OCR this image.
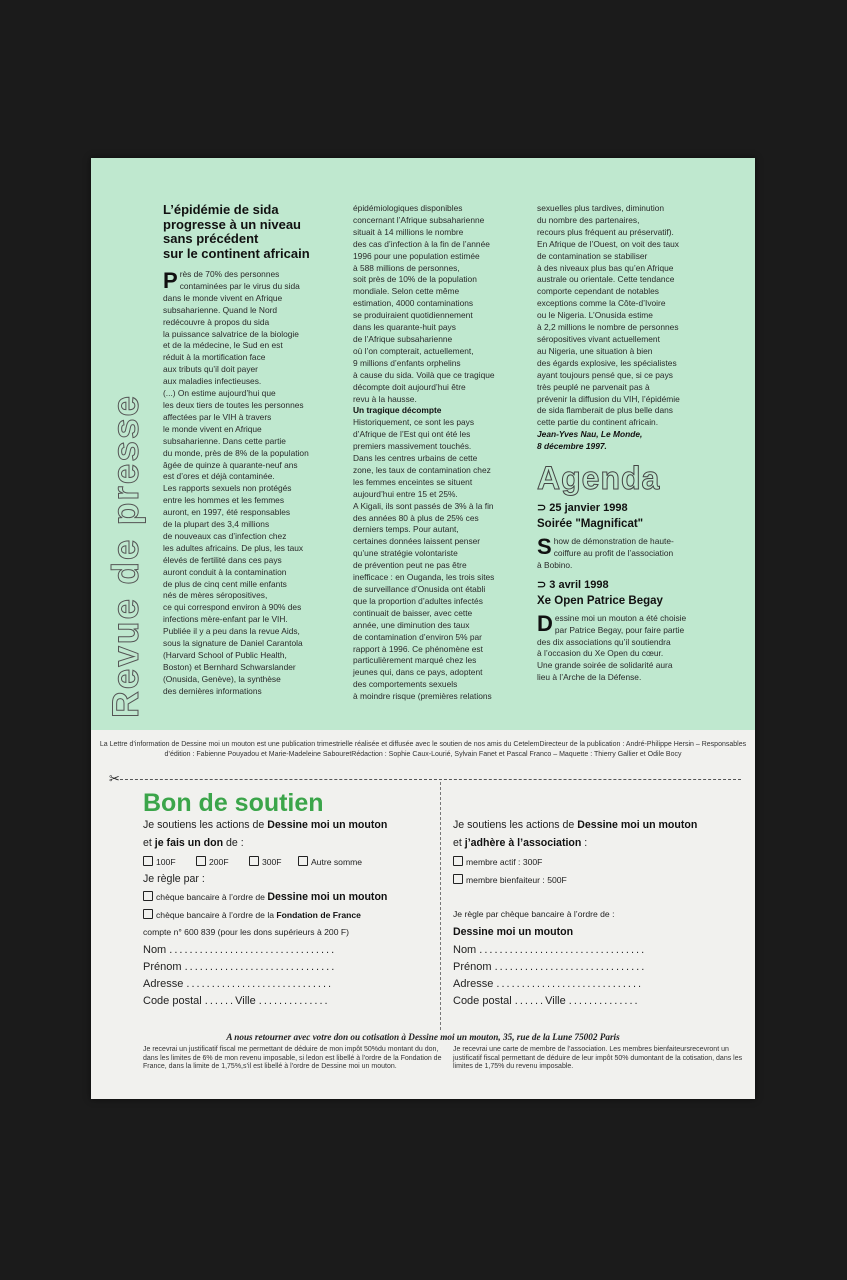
Revue de presse
L’épidémie de sida
progresse à un niveau
sans précédent
sur le continent africain
P rès de 70% des personnes
contaminées par le virus du sida
dans le monde vivent en Afrique
subsaharienne. Quand le Nord
redécouvre à propos du sida
la puissance salvatrice de la biologie
et de la médecine, le Sud en est
réduit à la mortification face
aux tributs qu’il doit payer
aux maladies infectieuses.
(...) On estime aujourd’hui que
les deux tiers de toutes les personnes
affectées par le VIH à travers
le monde vivent en Afrique
subsaharienne. Dans cette partie
du monde, près de 8% de la population
âgée de quinze à quarante-neuf ans
est d’ores et déjà contaminée.
Les rapports sexuels non protégés
entre les hommes et les femmes
auront, en 1997, été responsables
de la plupart des 3,4 millions
de nouveaux cas d’infection chez
les adultes africains. De plus, les taux
élevés de fertilité dans ces pays
auront conduit à la contamination
de plus de cinq cent mille enfants
nés de mères séropositives,
ce qui correspond environ à 90% des
infections mère-enfant par le VIH.
Publiée il y a peu dans la revue Aids,
sous la signature de Daniel Carantola
(Harvard School of Public Health,
Boston) et Bernhard Schwarslander
(Onusida, Genève), la synthèse
des dernières informations
épidémiologiques disponibles
concernant l’Afrique subsaharienne
situait à 14 millions le nombre
des cas d’infection à la fin de l’année
1996 pour une population estimée
à 588 millions de personnes,
soit près de 10% de la population
mondiale. Selon cette même
estimation, 4000 contaminations
se produiraient quotidiennement
dans les quarante-huit pays
de l’Afrique subsaharienne
où l’on compterait, actuellement,
9 millions d’enfants orphelins
à cause du sida. Voilà que ce tragique
décompte doit aujourd’hui être
revu à la hausse.
Un tragique décompte
Historiquement, ce sont les pays
d’Afrique de l’Est qui ont été les
premiers massivement touchés.
Dans les centres urbains de cette
zone, les taux de contamination chez
les femmes enceintes se situent
aujourd’hui entre 15 et 25%.
A Kigali, ils sont passés de 3% à la fin
des années 80 à plus de 25% ces
derniers temps. Pour autant,
certaines données laissent penser
qu’une stratégie volontariste
de prévention peut ne pas être
inefficace : en Ouganda, les trois sites
de surveillance d’Onusida ont établi
que la proportion d’adultes infectés
continuait de baisser, avec cette
année, une diminution des taux
de contamination d’environ 5% par
rapport à 1996. Ce phénomène est
particulièrement marqué chez les
jeunes qui, dans ce pays, adoptent
des comportements sexuels
à moindre risque (premières relations
sexuelles plus tardives, diminution
du nombre des partenaires,
recours plus fréquent au préservatif).
En Afrique de l’Ouest, on voit des taux
de contamination se stabiliser
à des niveaux plus bas qu’en Afrique
australe ou orientale. Cette tendance
comporte cependant de notables
exceptions comme la Côte-d’Ivoire
ou le Nigeria. L’Onusida estime
à 2,2 millions le nombre de personnes
séropositives vivant actuellement
au Nigeria, une situation à bien
des égards explosive, les spécialistes
ayant toujours pensé que, si ce pays
très peuplé ne parvenait pas à
prévenir la diffusion du VIH, l’épidémie
de sida flamberait de plus belle dans
cette partie du continent africain.
Jean-Yves Nau, Le Monde,
8 décembre 1997.
Agenda
⊃ 25 janvier 1998
Soirée "Magnificat"
S how de démonstration de haute-
coiffure au profit de l’association
à Bobino.
⊃ 3 avril 1998
Xe Open Patrice Begay
D essine moi un mouton a été choisie
par Patrice Begay, pour faire partie
des dix associations qu’il soutiendra
à l’occasion du Xe Open du cœur.
Une grande soirée de solidarité aura
lieu à l’Arche de la Défense.
La Lettre d’information de Dessine moi un mouton est une publication trimestrielle réalisée et diffusée avec le soutien de nos amis du CetelemDirecteur de la publication : André-Philippe Hersin – Responsables d’édition : Fabienne Pouyadou et Marie-Madeleine SabouretRédaction : Sophie Caux-Lourié, Sylvain Fanet et Pascal Franco – Maquette : Thierry Gallier et Odile Bocy
✂
Bon de soutien
Je soutiens les actions de Dessine moi un mouton
et je fais un don de :
100F	200F	300F	Autre somme
Je règle par :
chèque bancaire à l’ordre de Dessine moi un mouton
chèque bancaire à l’ordre de la Fondation de France
compte n° 600 839 (pour les dons supérieurs à 200 F)
Nom .................................
Prénom ..............................
Adresse .............................
Code postal ......Ville ..............
Je soutiens les actions de Dessine moi un mouton
et j’adhère à l’association :
membre actif : 300F
membre bienfaiteur : 500F
Je règle par chèque bancaire à l’ordre de :
Dessine moi un mouton
Nom .................................
Prénom ..............................
Adresse .............................
Code postal ......Ville ..............
A nous retourner avec votre don ou cotisation à Dessine moi un mouton, 35, rue de la Lune 75002 Paris
Je recevrai un justificatif fiscal me permettant de déduire de mon impôt 50%du montant du don, dans les limites de 6% de mon revenu imposable, si ledon est libellé à l’ordre de la Fondation de France, dans la limite de 1,75%,s’il est libellé à l’ordre de Dessine moi un mouton.
Je recevrai une carte de membre de l’association. Les membres bienfaiteursrecevront un justificatif fiscal permettant de déduire de leur impôt 50% dumontant de la cotisation, dans les limites de 1,75% du revenu imposable.
